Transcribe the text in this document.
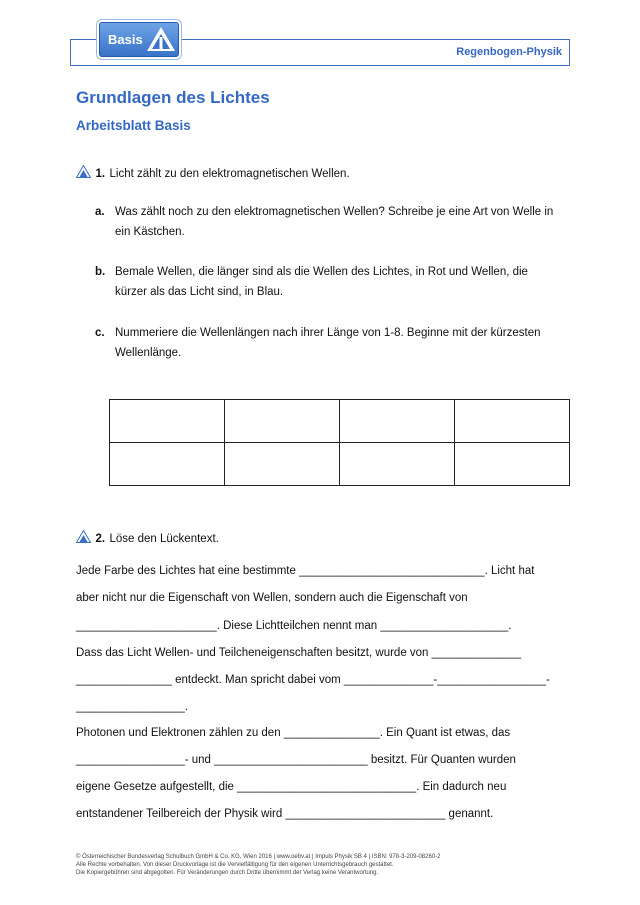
Regenbogen-Physik
Basis
Grundlagen des Lichtes
Arbeitsblatt Basis
1. Licht zählt zu den elektromagnetischen Wellen.
a. Was zählt noch zu den elektromagnetischen Wellen? Schreibe je eine Art von Welle in ein Kästchen.
b. Bemale Wellen, die länger sind als die Wellen des Lichtes, in Rot und Wellen, die kürzer als das Licht sind, in Blau.
c. Nummeriere die Wellenlängen nach ihrer Länge von 1-8. Beginne mit der kürzesten Wellenlänge.

2. Löse den Lückentext.
Jede Farbe des Lichtes hat eine bestimmte _____________________________. Licht hat
aber nicht nur die Eigenschaft von Wellen, sondern auch die Eigenschaft von
______________________. Diese Lichtteilchen nennt man ____________________.
Dass das Licht Wellen- und Teilcheneigenschaften besitzt, wurde von ______________
_______________ entdeckt. Man spricht dabei vom ______________-_________________-
_________________.
Photonen und Elektronen zählen zu den _______________. Ein Quant ist etwas, das
_________________- und ________________________ besitzt. Für Quanten wurden
eigene Gesetze aufgestellt, die ____________________________. Ein dadurch neu
entstandener Teilbereich der Physik wird _________________________ genannt.
© Österreichischer Bundesverlag Schulbuch GmbH & Co. KG, Wien 2016 | www.oebv.at | Impuls Physik SB 4 | ISBN: 978-3-209-08260-2
Alle Rechte vorbehalten. Von dieser Druckvorlage ist die Vervielfältigung für den eigenen Unterrichtsgebrauch gestattet.
Die Kopiergebühren sind abgegolten. Für Veränderungen durch Dritte übernimmt der Verlag keine Verantwortung.
